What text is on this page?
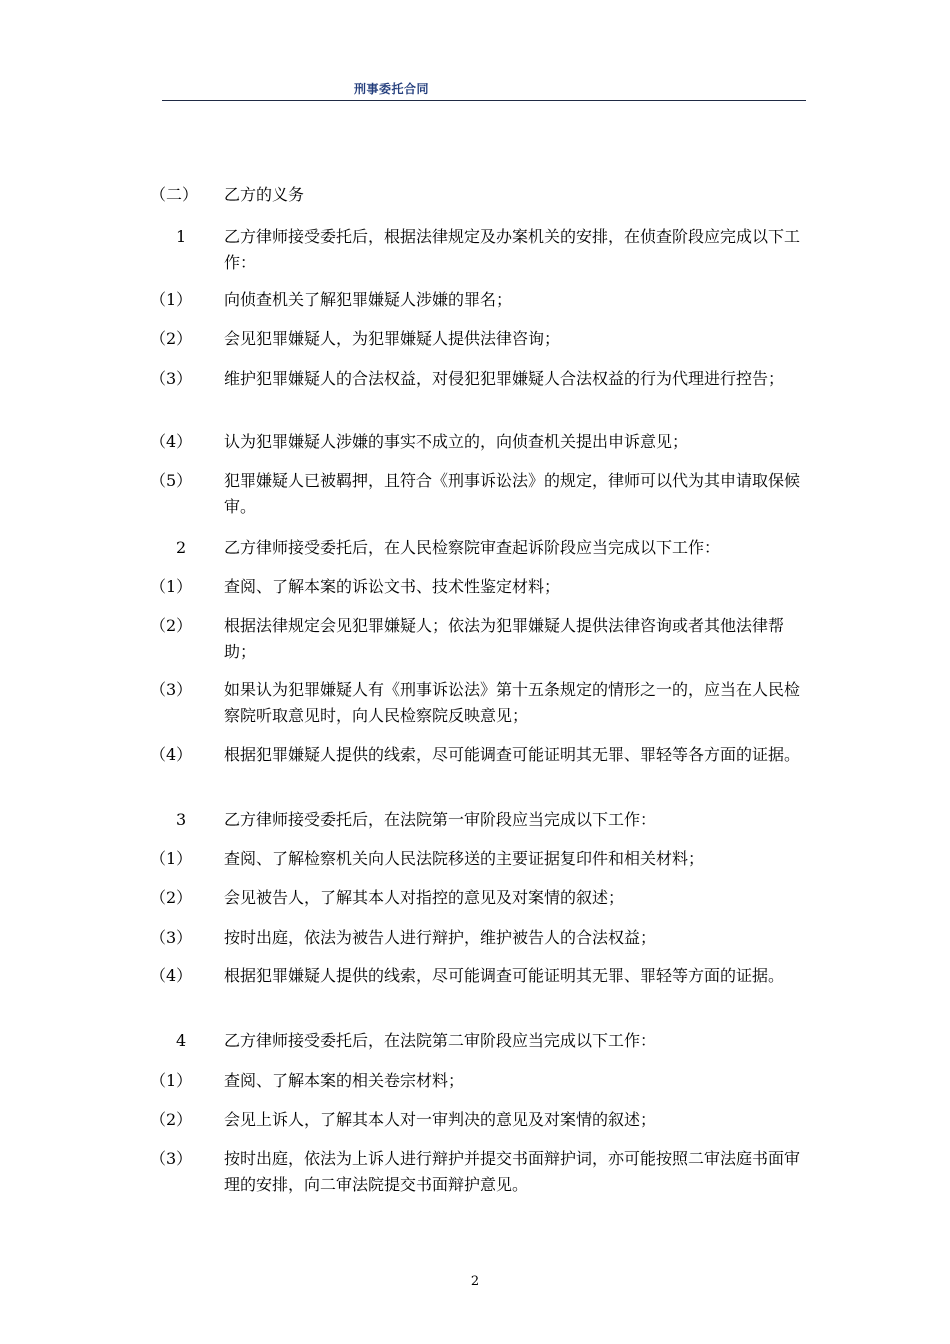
刑事委托合同
（二）	乙方的义务
1	乙方律师接受委托后，根据法律规定及办案机关的安排，在侦查阶段应完成以下工作：
（1）	向侦查机关了解犯罪嫌疑人涉嫌的罪名；
（2）	会见犯罪嫌疑人，为犯罪嫌疑人提供法律咨询；
（3）	维护犯罪嫌疑人的合法权益，对侵犯犯罪嫌疑人合法权益的行为代理进行控告；
（4）	认为犯罪嫌疑人涉嫌的事实不成立的，向侦查机关提出申诉意见；
（5）	犯罪嫌疑人已被羁押，且符合《刑事诉讼法》的规定，律师可以代为其申请取保候审。
2	乙方律师接受委托后，在人民检察院审查起诉阶段应当完成以下工作：
（1）	查阅、了解本案的诉讼文书、技术性鉴定材料；
（2）	根据法律规定会见犯罪嫌疑人；依法为犯罪嫌疑人提供法律咨询或者其他法律帮助；
（3）	如果认为犯罪嫌疑人有《刑事诉讼法》第十五条规定的情形之一的，应当在人民检察院听取意见时，向人民检察院反映意见；
（4）	根据犯罪嫌疑人提供的线索，尽可能调查可能证明其无罪、罪轻等各方面的证据。
3	乙方律师接受委托后，在法院第一审阶段应当完成以下工作：
（1）	查阅、了解检察机关向人民法院移送的主要证据复印件和相关材料；
（2）	会见被告人，了解其本人对指控的意见及对案情的叙述；
（3）	按时出庭，依法为被告人进行辩护，维护被告人的合法权益；
（4）	根据犯罪嫌疑人提供的线索，尽可能调查可能证明其无罪、罪轻等方面的证据。
4	乙方律师接受委托后，在法院第二审阶段应当完成以下工作：
（1）	查阅、了解本案的相关卷宗材料；
（2）	会见上诉人，了解其本人对一审判决的意见及对案情的叙述；
（3）	按时出庭，依法为上诉人进行辩护并提交书面辩护词，亦可能按照二审法庭书面审理的安排，向二审法院提交书面辩护意见。
2
